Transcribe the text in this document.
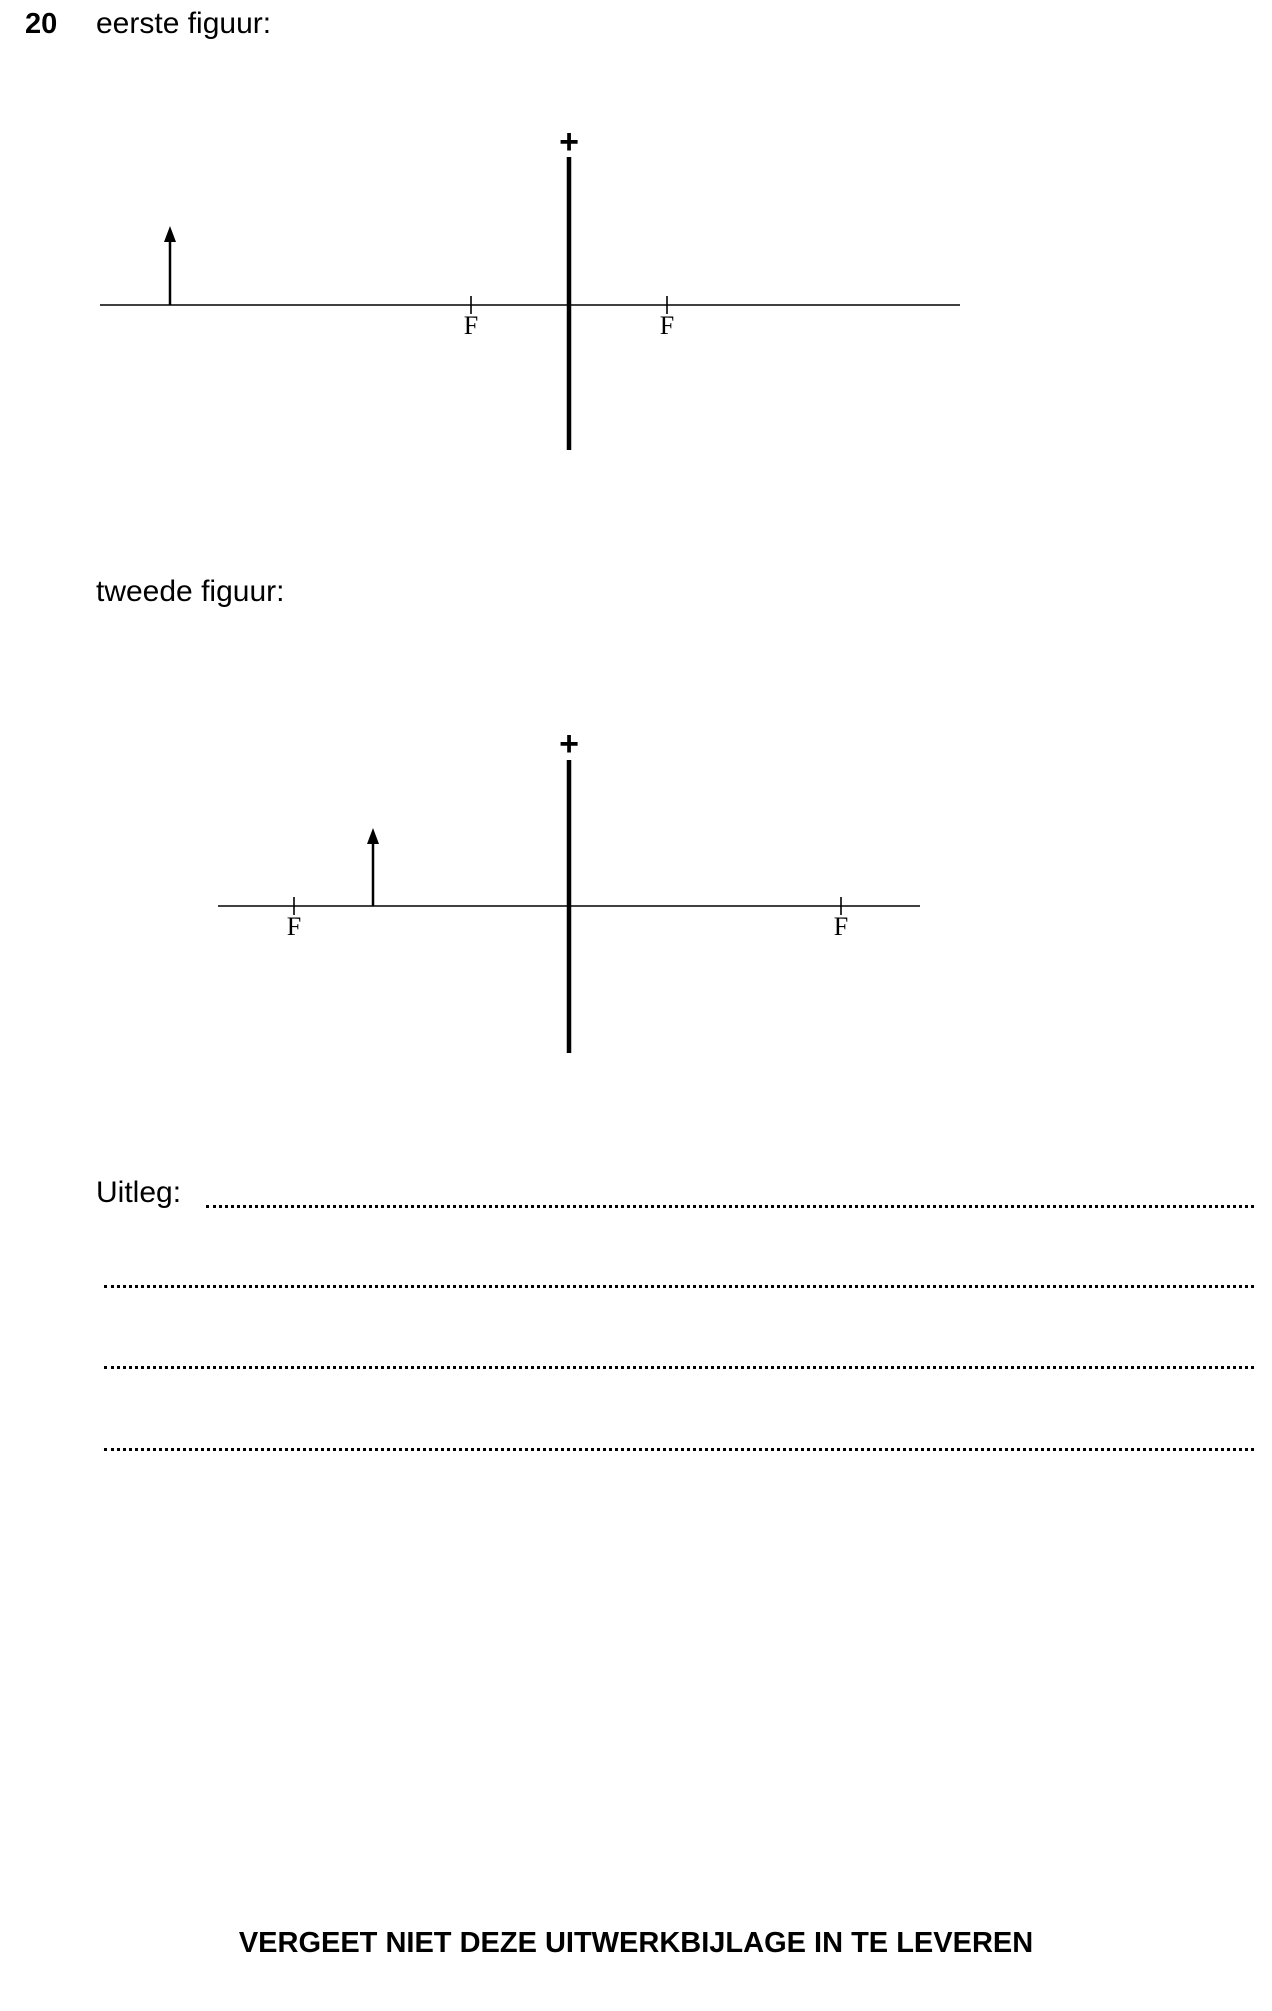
20 eerste figuur:
+
F	F
tweede figuur:
+
F	F
Uitleg:
VERGEET NIET DEZE UITWERKBIJLAGE IN TE LEVEREN
